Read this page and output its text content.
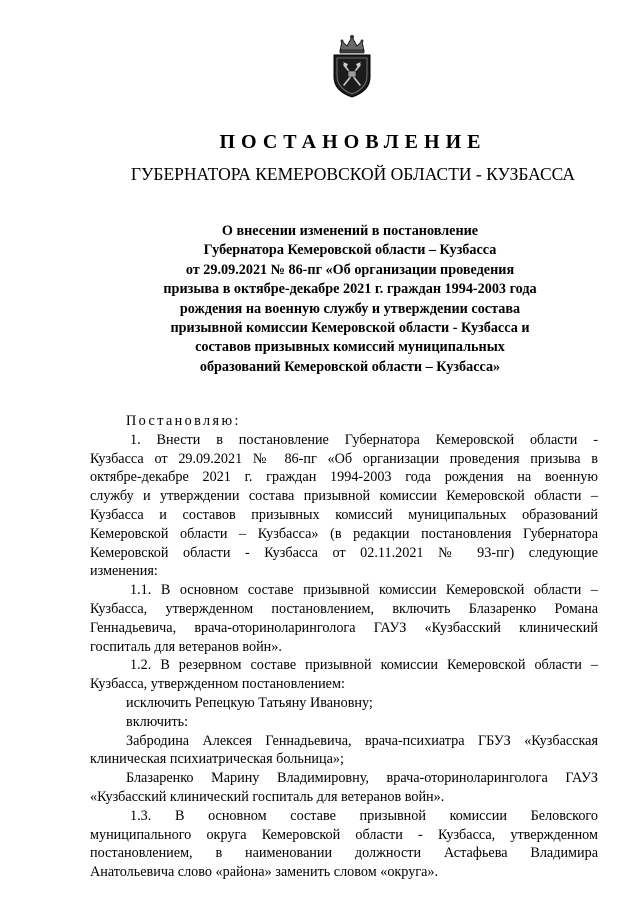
ПОСТАНОВЛЕНИЕ
ГУБЕРНАТОРА КЕМЕРОВСКОЙ ОБЛАСТИ - КУЗБАССА
О внесении изменений в постановление
Губернатора Кемеровской области – Кузбасса
от 29.09.2021 № 86-пг «Об организации проведения
призыва в октябре-декабре 2021 г. граждан 1994-2003 года
рождения на военную службу и утверждении состава
призывной комиссии Кемеровской области - Кузбасса и
составов призывных комиссий муниципальных
образований Кемеровской области – Кузбасса»
Постановляю:
1. Внести в постановление Губернатора Кемеровской области -
Кузбасса от 29.09.2021 № 86-пг «Об организации проведения призыва в
октябре-декабре 2021 г. граждан 1994-2003 года рождения на военную
службу и утверждении состава призывной комиссии Кемеровской области –
Кузбасса и составов призывных комиссий муниципальных образований
Кемеровской области – Кузбасса» (в редакции постановления Губернатора
Кемеровской области - Кузбасса от 02.11.2021 № 93-пг) следующие
изменения:
1.1. В основном составе призывной комиссии Кемеровской области –
Кузбасса, утвержденном постановлением, включить Блазаренко Романа
Геннадьевича, врача-оториноларинголога ГАУЗ «Кузбасский клинический
госпиталь для ветеранов войн».
1.2. В резервном составе призывной комиссии Кемеровской области –
Кузбасса, утвержденном постановлением:
исключить Репецкую Татьяну Ивановну;
включить:
Забродина Алексея Геннадьевича, врача-психиатра ГБУЗ «Кузбасская
клиническая психиатрическая больница»;
Блазаренко Марину Владимировну, врача-оториноларинголога ГАУЗ
«Кузбасский клинический госпиталь для ветеранов войн».
1.3. В основном составе призывной комиссии Беловского
муниципального округа Кемеровской области - Кузбасса, утвержденном
постановлением, в наименовании должности Астафьева Владимира
Анатольевича слово «района» заменить словом «округа».
